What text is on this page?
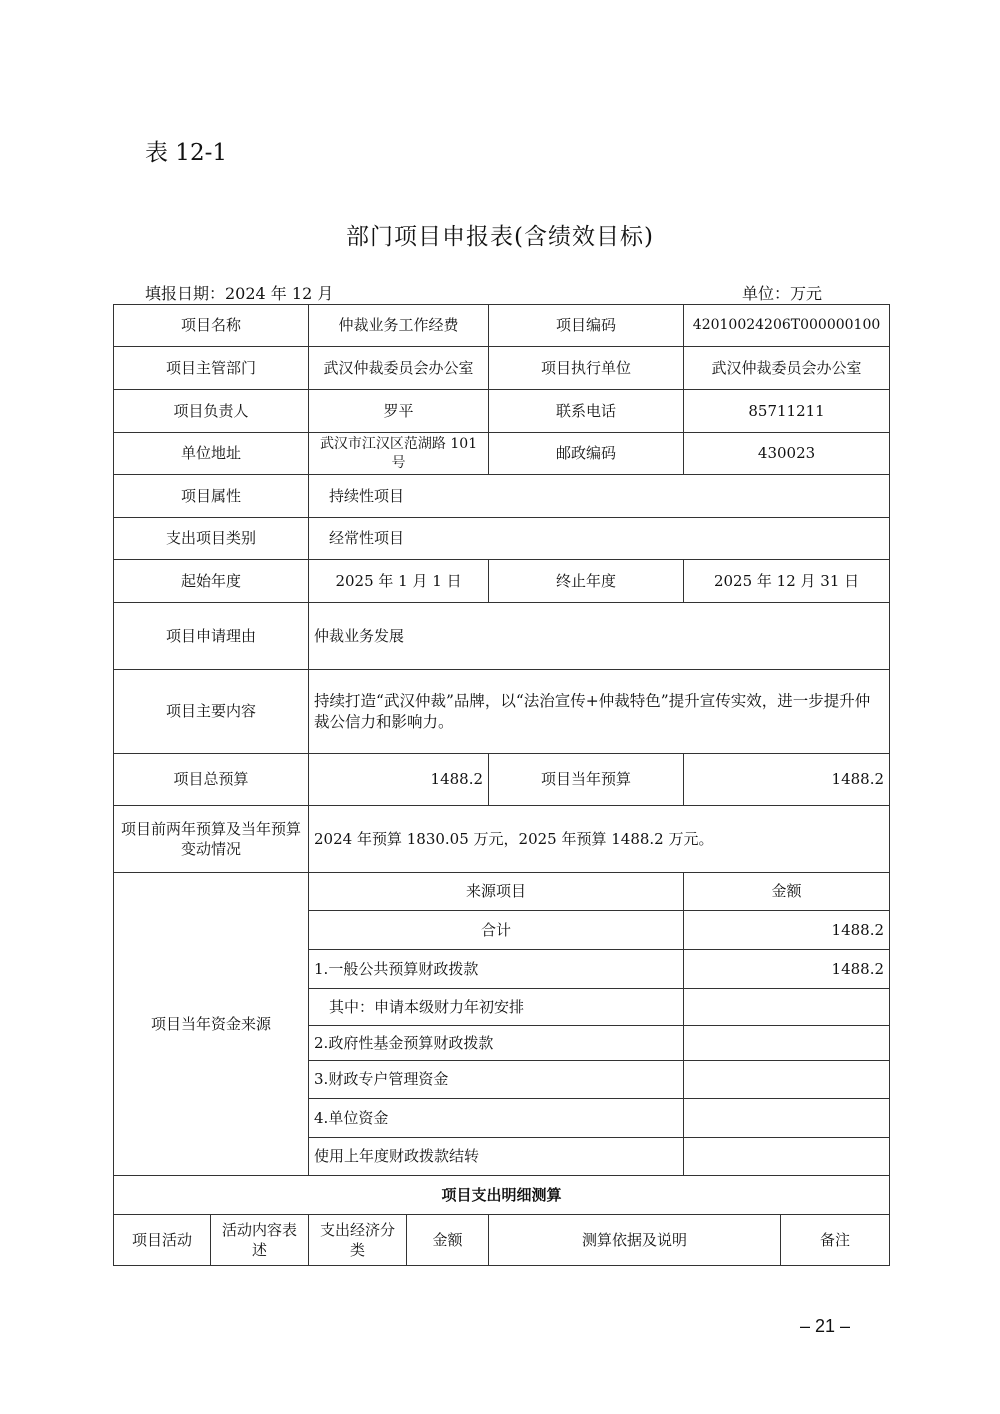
表 12-1
部门项目申报表(含绩效目标)
填报日期：2024 年 12 月	单位：万元
项目名称		仲裁业务工作经费		项目编码	42010024206T000000100	
项目主管部门		武汉仲裁委员会办公室		项目执行单位	武汉仲裁委员会办公室	
项目负责人		罗平		联系电话	85711211	
单位地址		武汉市江汉区范湖路 101 号		邮政编码	430023	
项目属性		持续性项目				
支出项目类别		经常性项目				
起始年度		2025 年 1 月 1 日		终止年度	2025 年 12 月 31 日	
项目申请理由		仲裁业务发展				
项目主要内容		持续打造“武汉仲裁”品牌，以“法治宣传+仲裁特色”提升宣传实效，进一步提升仲裁公信力和影响力。				
项目总预算		1488.2		项目当年预算	1488.2	
项目前两年预算及当年预算变动情况		2024 年预算 1830.05 万元，2025 年预算 1488.2 万元。				
项目当年资金来源		来源项目			金额	
		合计			1488.2	
		1.一般公共预算财政拨款			1488.2	
		其中：申请本级财力年初安排				
		2.政府性基金预算财政拨款				
		3.财政专户管理资金				
		4.单位资金				
		使用上年度财政拨款结转				
项目支出明细测算						
项目活动	活动内容表述	支出经济分类	金额	测算依据及说明		备注
– 21 –
